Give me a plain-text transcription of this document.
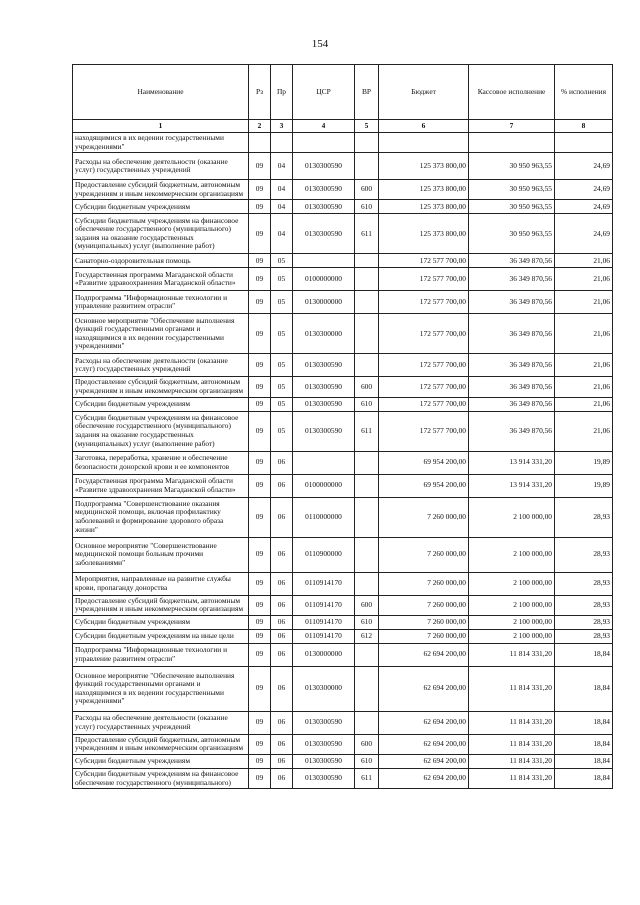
154
Наименование	Рз	Пр	ЦСР	ВР	Бюджет	Кассовое исполнение	% исполнения
1	2	3	4	5	6	7	8
находящимися в их ведении государственными учреждениями"							
Расходы на обеспечение деятельности (оказание услуг) государственных учреждений	09	04	0130300590		125 373 800,00	30 950 963,55	24,69
Предоставление субсидий бюджетным, автономным учреждениям и иным некоммерческим организациям	09	04	0130300590	600	125 373 800,00	30 950 963,55	24,69
Субсидии бюджетным учреждениям	09	04	0130300590	610	125 373 800,00	30 950 963,55	24,69
Субсидии бюджетным учреждениям на финансовое обеспечение государственного (муниципального) задания на оказание государственных (муниципальных) услуг (выполнение работ)	09	04	0130300590	611	125 373 800,00	30 950 963,55	24,69
Санаторно-оздоровительная помощь	09	05			172 577 700,00	36 349 870,56	21,06
Государственная программа Магаданской области «Развитие здравоохранения Магаданской области»	09	05	0100000000		172 577 700,00	36 349 870,56	21,06
Подпрограмма "Информационные технологии и управление развитием отрасли"	09	05	0130000000		172 577 700,00	36 349 870,56	21,06
Основное мероприятие "Обеспечение выполнения функций государственными органами и находящимися в их ведении государственными учреждениями"	09	05	0130300000		172 577 700,00	36 349 870,56	21,06
Расходы на обеспечение деятельности (оказание услуг) государственных учреждений	09	05	0130300590		172 577 700,00	36 349 870,56	21,06
Предоставление субсидий бюджетным, автономным учреждениям и иным некоммерческим организациям	09	05	0130300590	600	172 577 700,00	36 349 870,56	21,06
Субсидии бюджетным учреждениям	09	05	0130300590	610	172 577 700,00	36 349 870,56	21,06
Субсидии бюджетным учреждениям на финансовое обеспечение государственного (муниципального) задания на оказание государственных (муниципальных) услуг (выполнение работ)	09	05	0130300590	611	172 577 700,00	36 349 870,56	21,06
Заготовка, переработка, хранение и обеспечение безопасности донорской крови и ее компонентов	09	06			69 954 200,00	13 914 331,20	19,89
Государственная программа Магаданской области «Развитие здравоохранения Магаданской области»	09	06	0100000000		69 954 200,00	13 914 331,20	19,89
Подпрограмма "Совершенствование оказания медицинской помощи, включая профилактику заболеваний и формирование здорового образа жизни"	09	06	0110000000		7 260 000,00	2 100 000,00	28,93
Основное мероприятие "Совершенствование медицинской помощи больным прочими заболеваниями"	09	06	0110900000		7 260 000,00	2 100 000,00	28,93
Мероприятия, направленные на развитие службы крови, пропаганду донорства	09	06	0110914170		7 260 000,00	2 100 000,00	28,93
Предоставление субсидий бюджетным, автономным учреждениям и иным некоммерческим организациям	09	06	0110914170	600	7 260 000,00	2 100 000,00	28,93
Субсидии бюджетным учреждениям	09	06	0110914170	610	7 260 000,00	2 100 000,00	28,93
Субсидии бюджетным учреждениям на иные цели	09	06	0110914170	612	7 260 000,00	2 100 000,00	28,93
Подпрограмма "Информационные технологии и управление развитием отрасли"	09	06	0130000000		62 694 200,00	11 814 331,20	18,84
Основное мероприятие "Обеспечение выполнения функций государственными органами и находящимися в их ведении государственными учреждениями"	09	06	0130300000		62 694 200,00	11 814 331,20	18,84
Расходы на обеспечение деятельности (оказание услуг) государственных учреждений	09	06	0130300590		62 694 200,00	11 814 331,20	18,84
Предоставление субсидий бюджетным, автономным учреждениям и иным некоммерческим организациям	09	06	0130300590	600	62 694 200,00	11 814 331,20	18,84
Субсидии бюджетным учреждениям	09	06	0130300590	610	62 694 200,00	11 814 331,20	18,84
Субсидии бюджетным учреждениям на финансовое обеспечение государственного (муниципального)	09	06	0130300590	611	62 694 200,00	11 814 331,20	18,84
